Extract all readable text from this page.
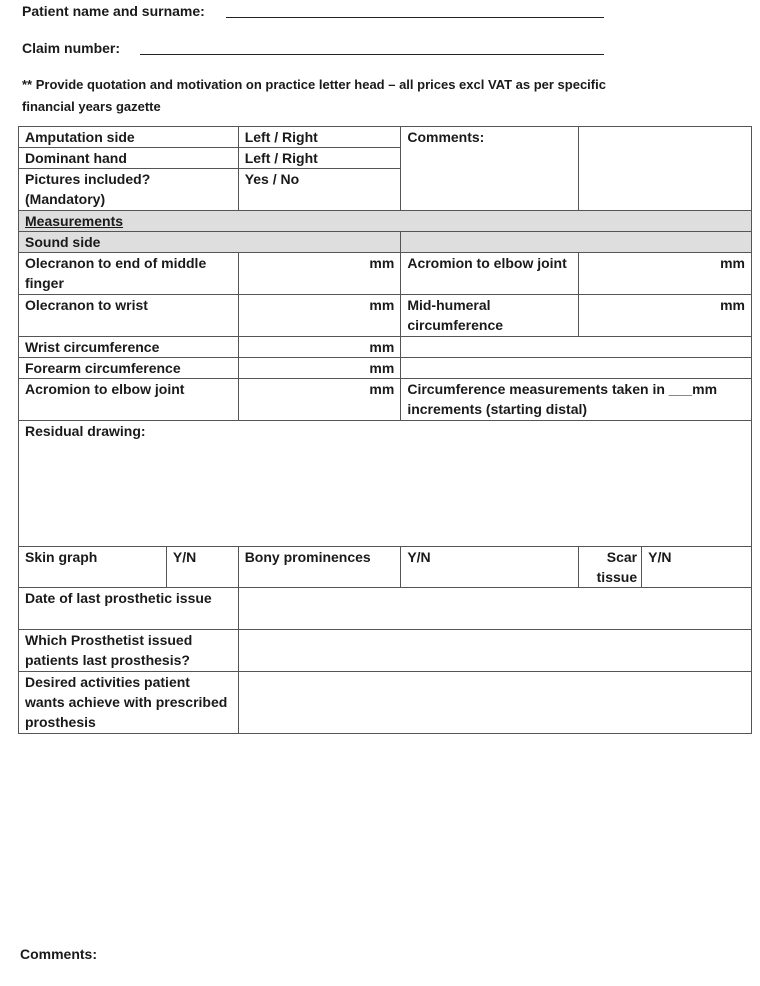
Patient name and surname:
Claim number:
** Provide quotation and motivation on practice letter head – all prices excl VAT as per specific financial years gazette
Amputation side		Left / Right	Comments:		
Dominant hand		Left / Right			
Pictures included? (Mandatory)		Yes / No			
Measurements					
Sound side					
Olecranon to end of middle finger		mm	Acromion to elbow joint	mm	
Olecranon to wrist		mm	Mid-humeral circumference	mm	
Wrist circumference		mm			
Forearm circumference		mm			
Acromion to elbow joint		mm	Circumference measurements taken in ___mm increments (starting distal)		
Residual drawing:					
Skin graph	Y/N	Bony prominences	Y/N	Scar tissue	Y/N
Date of last prosthetic issue					
Which Prosthetist issued patients last prosthesis?					
Desired activities patient wants achieve with prescribed prosthesis					
Comments:
